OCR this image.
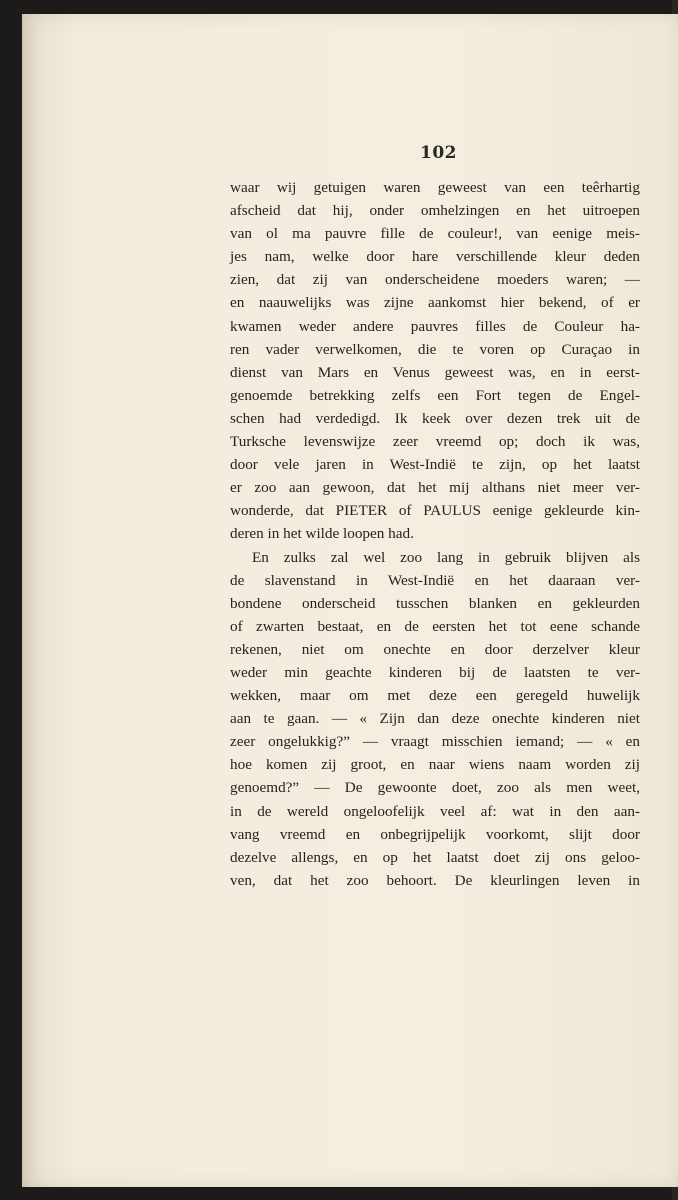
102
waar wij getuigen waren geweest van een teêrhartig
afscheid dat hij, onder omhelzingen en het uitroepen
van ol ma pauvre fille de couleur!, van eenige meis-
jes nam, welke door hare verschillende kleur deden
zien, dat zij van onderscheidene moeders waren; —
en naauwelijks was zijne aankomst hier bekend, of er
kwamen weder andere pauvres filles de Couleur ha-
ren vader verwelkomen, die te voren op Curaçao in
dienst van Mars en Venus geweest was, en in eerst-
genoemde betrekking zelfs een Fort tegen de Engel-
schen had verdedigd. Ik keek over dezen trek uit de
Turksche levenswijze zeer vreemd op; doch ik was,
door vele jaren in West-Indië te zijn, op het laatst
er zoo aan gewoon, dat het mij althans niet meer ver-
wonderde, dat PIETER of PAULUS eenige gekleurde kin-
deren in het wilde loopen had.
En zulks zal wel zoo lang in gebruik blijven als
de slavenstand in West-Indië en het daaraan ver-
bondene onderscheid tusschen blanken en gekleurden
of zwarten bestaat, en de eersten het tot eene schande
rekenen, niet om onechte en door derzelver kleur
weder min geachte kinderen bij de laatsten te ver-
wekken, maar om met deze een geregeld huwelijk
aan te gaan. — « Zijn dan deze onechte kinderen niet
zeer ongelukkig?” — vraagt misschien iemand; — « en
hoe komen zij groot, en naar wiens naam worden zij
genoemd?” — De gewoonte doet, zoo als men weet,
in de wereld ongeloofelijk veel af: wat in den aan-
vang vreemd en onbegrijpelijk voorkomt, slijt door
dezelve allengs, en op het laatst doet zij ons geloo-
ven, dat het zoo behoort. De kleurlingen leven in
